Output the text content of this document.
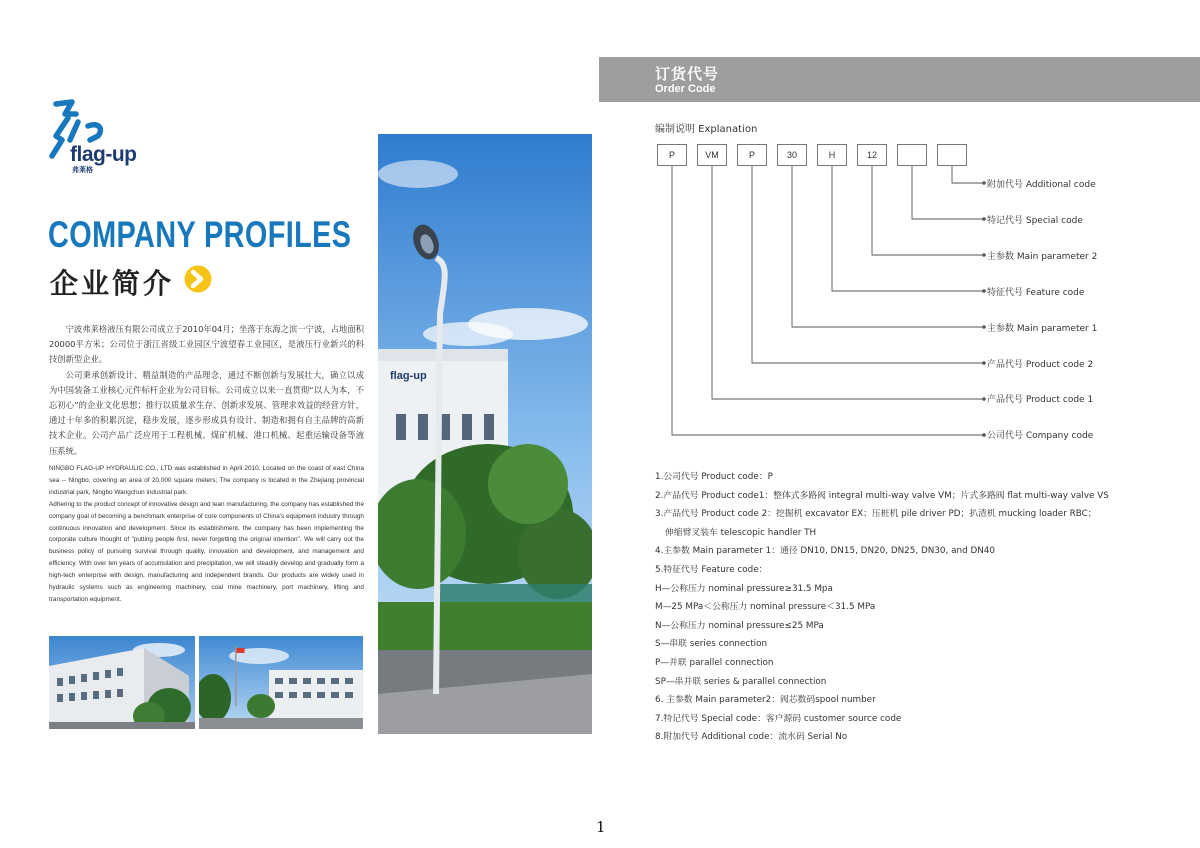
flag-up
弗莱格
COMPANY PROFILES
企业简介

宁波弗莱格液压有限公司成立于2010年04月；坐落于东海之滨一宁波，占地面积20000平方米；公司位于浙江省级工业园区宁波望春工业园区，是液压行业新兴的科技创新型企业。

公司秉承创新设计、精益制造的产品理念，通过不断创新与发展壮大，确立以成为中国装备工业核心元件标杆企业为公司目标。公司成立以来一直贯彻“以人为本，不忘初心”的企业文化思想；推行以质量求生存、创新求发展、管理求效益的经营方针，通过十年多的积累沉淀，稳步发展，逐步形成具有设计、制造和拥有自主品牌的高新技术企业。公司产品广泛应用于工程机械、煤矿机械、港口机械、起重运输设备等液压系统。

NINGBO FLAG-UP HYDRAULIC CO., LTD was established in April 2010. Located on the coast of east China sea -- Ningbo, covering an area of 20,000 square meters; The company is located in the Zhejiang provincial industrial park, Ningbo Wangchun industrial park.

Adhering to the product concept of innovative design and lean manufacturing, the company has established the company goal of becoming a benchmark enterprise of core components of China's equipment industry through continuous innovation and development. Since its establishment, the company has been implementing the corporate culture thought of "putting people first, never forgetting the original intention". We will carry out the business policy of pursuing survival through quality, innovation and development, and management and efficiency. With over ten years of accumulation and precipitation, we will steadily develop and gradually form a high-tech enterprise with design, manufacturing and independent brands. Our products are widely used in hydraulic systems such as engineering machinery, coal mine machinery, port machinery, lifting and transportation equipment.

flag-up
订货代号
Order Code
编制说明 Explanation
P	VM	P	30	H	12
附加代号 Additional code
特记代号 Special code
主参数 Main parameter 2
特征代号 Feature code
主参数 Main parameter 1
产品代号 Product code 2
产品代号 Product code 1
公司代号 Company code
1.公司代号 Product code：P
2.产品代号 Product code1：整体式多路阀 integral multi-way valve VM；片式多路阀 flat multi-way valve VS
3.产品代号 Product code 2：挖掘机 excavator EX；压桩机 pile driver PD；扒渣机 mucking loader RBC；
伸缩臂叉装车 telescopic handler TH
4.主参数 Main parameter 1：通径 DN10, DN15, DN20, DN25, DN30, and DN40
5.特征代号 Feature code：
H—公称压力 nominal pressure≥31.5 Mpa
M—25 MPa＜公称压力 nominal pressure＜31.5 MPa
N—公称压力 nominal pressure≤25 MPa
S—串联 series connection
P—并联 parallel connection
SP—串并联 series & parallel connection
6. 主参数 Main parameter2：阀芯数码spool number
7.特记代号 Special code：客户源码 customer source code
8.附加代号 Additional code：流水码 Serial No
1
